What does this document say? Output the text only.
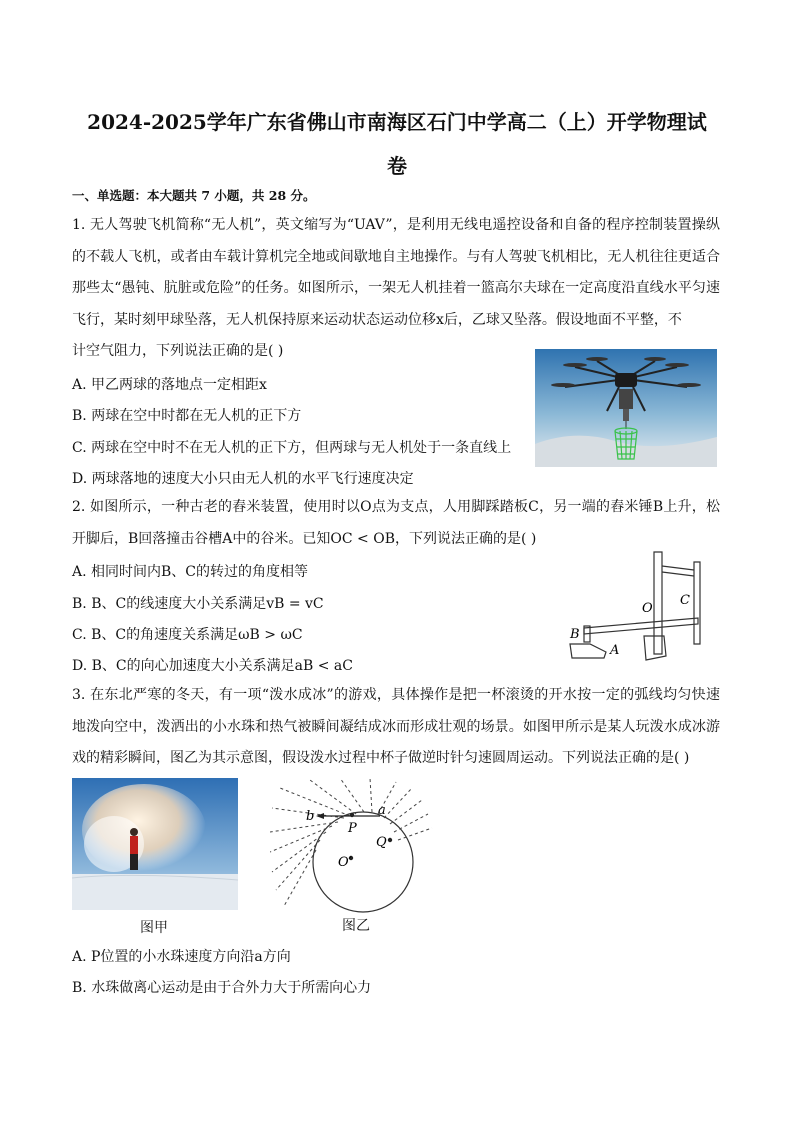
2024-2025学年广东省佛山市南海区石门中学高二（上）开学物理试
卷
一、单选题：本大题共 7 小题，共 28 分。
1. 无人驾驶飞机简称“无人机”，英文缩写为“UAV”，是利用无线电遥控设备和自备的程序控制装置操纵的不载人飞机，或者由车载计算机完全地或间歇地自主地操作。与有人驾驶飞机相比，无人机往往更适合那些太“愚钝、肮脏或危险”的任务。如图所示，一架无人机挂着一篮高尔夫球在一定高度沿直线水平匀速飞行，某时刻甲球坠落，无人机保持原来运动状态运动位移x后，乙球又坠落。假设地面不平整，不
计空气阻力，下列说法正确的是( )
A. 甲乙两球的落地点一定相距x
B. 两球在空中时都在无人机的正下方
C. 两球在空中时不在无人机的正下方，但两球与无人机处于一条直线上
D. 两球落地的速度大小只由无人机的水平飞行速度决定
2. 如图所示，一种古老的舂米装置，使用时以O点为支点，人用脚踩踏板C，另一端的舂米锤B上升，松开脚后，B回落撞击谷槽A中的谷米。已知OC < OB，下列说法正确的是( )
A. 相同时间内B、C的转过的角度相等
B. B、C的线速度大小关系满足vB = vC
C. B、C的角速度关系满足ωB > ωC
D. B、C的向心加速度大小关系满足aB < aC
O
C
B
A
3. 在东北严寒的冬天，有一项“泼水成冰”的游戏，具体操作是把一杯滚烫的开水按一定的弧线均匀快速地泼向空中，泼洒出的小水珠和热气被瞬间凝结成冰而形成壮观的场景。如图甲所示是某人玩泼水成冰游戏的精彩瞬间，图乙为其示意图，假设泼水过程中杯子做逆时针匀速圆周运动。下列说法正确的是( )
图甲
b	a
P
Q
O′
图乙
A. P位置的小水珠速度方向沿a方向
B. 水珠做离心运动是由于合外力大于所需向心力
